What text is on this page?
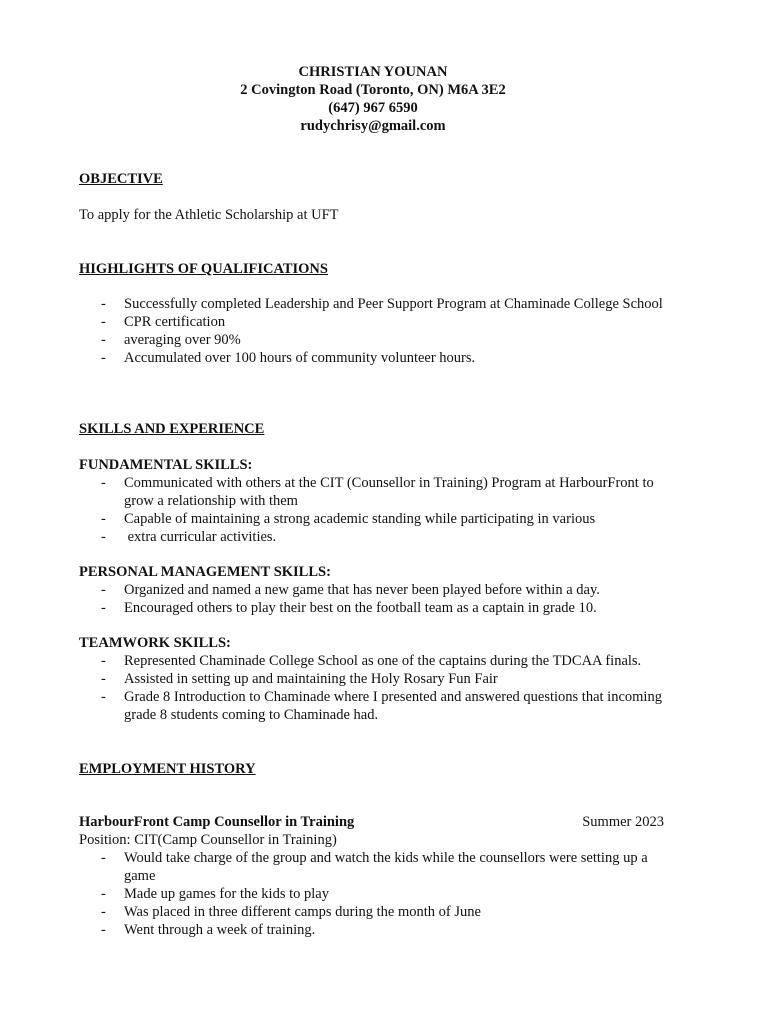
CHRISTIAN YOUNAN
2 Covington Road (Toronto, ON) M6A 3E2
(647) 967 6590
rudychrisy@gmail.com
OBJECTIVE
To apply for the Athletic Scholarship at UFT
HIGHLIGHTS OF QUALIFICATIONS
- Successfully completed Leadership and Peer Support Program at Chaminade College School
- CPR certification
- averaging over 90%
- Accumulated over 100 hours of community volunteer hours.
SKILLS AND EXPERIENCE
FUNDAMENTAL SKILLS:
- Communicated with others at the CIT (Counsellor in Training) Program at HarbourFront to grow a relationship with them
- Capable of maintaining a strong academic standing while participating in various
- extra curricular activities.
PERSONAL MANAGEMENT SKILLS:
- Organized and named a new game that has never been played before within a day.
- Encouraged others to play their best on the football team as a captain in grade 10.
TEAMWORK SKILLS:
- Represented Chaminade College School as one of the captains during the TDCAA finals.
- Assisted in setting up and maintaining the Holy Rosary Fun Fair
- Grade 8 Introduction to Chaminade where I presented and answered questions that incoming grade 8 students coming to Chaminade had.
EMPLOYMENT HISTORY
HarbourFront Camp Counsellor in Training	Summer 2023
Position: CIT(Camp Counsellor in Training)
- Would take charge of the group and watch the kids while the counsellors were setting up a game
- Made up games for the kids to play
- Was placed in three different camps during the month of June
- Went through a week of training.
